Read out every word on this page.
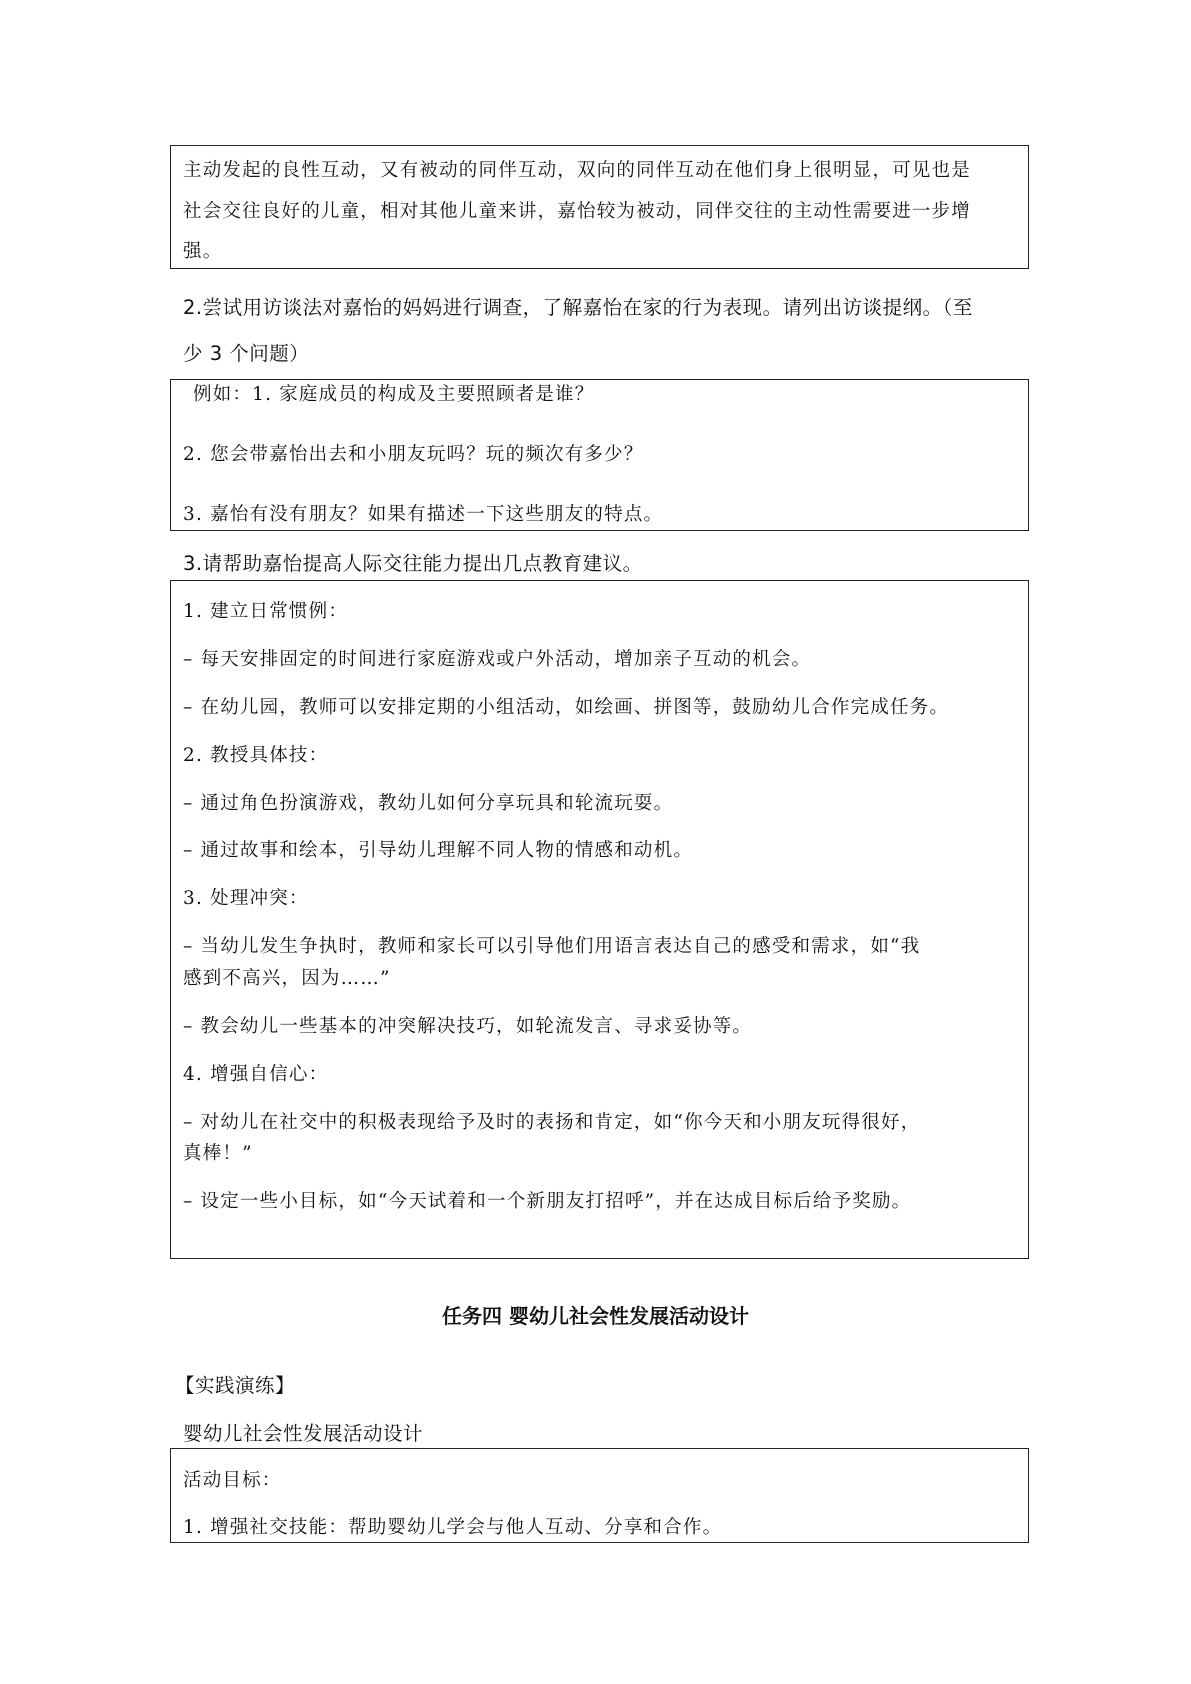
主动发起的良性互动，又有被动的同伴互动，双向的同伴互动在他们身上很明显，可见也是
社会交往良好的儿童，相对其他儿童来讲，嘉怡较为被动，同伴交往的主动性需要进一步增
强。
2.尝试用访谈法对嘉怡的妈妈进行调查，了解嘉怡在家的行为表现。请列出访谈提纲。（至
少 3 个问题）
例如：1. 家庭成员的构成及主要照顾者是谁？
2. 您会带嘉怡出去和小朋友玩吗？玩的频次有多少？
3. 嘉怡有没有朋友？如果有描述一下这些朋友的特点。
3.请帮助嘉怡提高人际交往能力提出几点教育建议。
1. 建立日常惯例：
– 每天安排固定的时间进行家庭游戏或户外活动，增加亲子互动的机会。
– 在幼儿园，教师可以安排定期的小组活动，如绘画、拼图等，鼓励幼儿合作完成任务。
2. 教授具体技：
– 通过角色扮演游戏，教幼儿如何分享玩具和轮流玩耍。
– 通过故事和绘本，引导幼儿理解不同人物的情感和动机。
3. 处理冲突：
– 当幼儿发生争执时，教师和家长可以引导他们用语言表达自己的感受和需求，如“我
感到不高兴，因为……”
– 教会幼儿一些基本的冲突解决技巧，如轮流发言、寻求妥协等。
4. 增强自信心：
– 对幼儿在社交中的积极表现给予及时的表扬和肯定，如“你今天和小朋友玩得很好，
真棒！”
– 设定一些小目标，如“今天试着和一个新朋友打招呼”，并在达成目标后给予奖励。
任务四 婴幼儿社会性发展活动设计
【实践演练】
婴幼儿社会性发展活动设计
活动目标：
1. 增强社交技能：帮助婴幼儿学会与他人互动、分享和合作。
